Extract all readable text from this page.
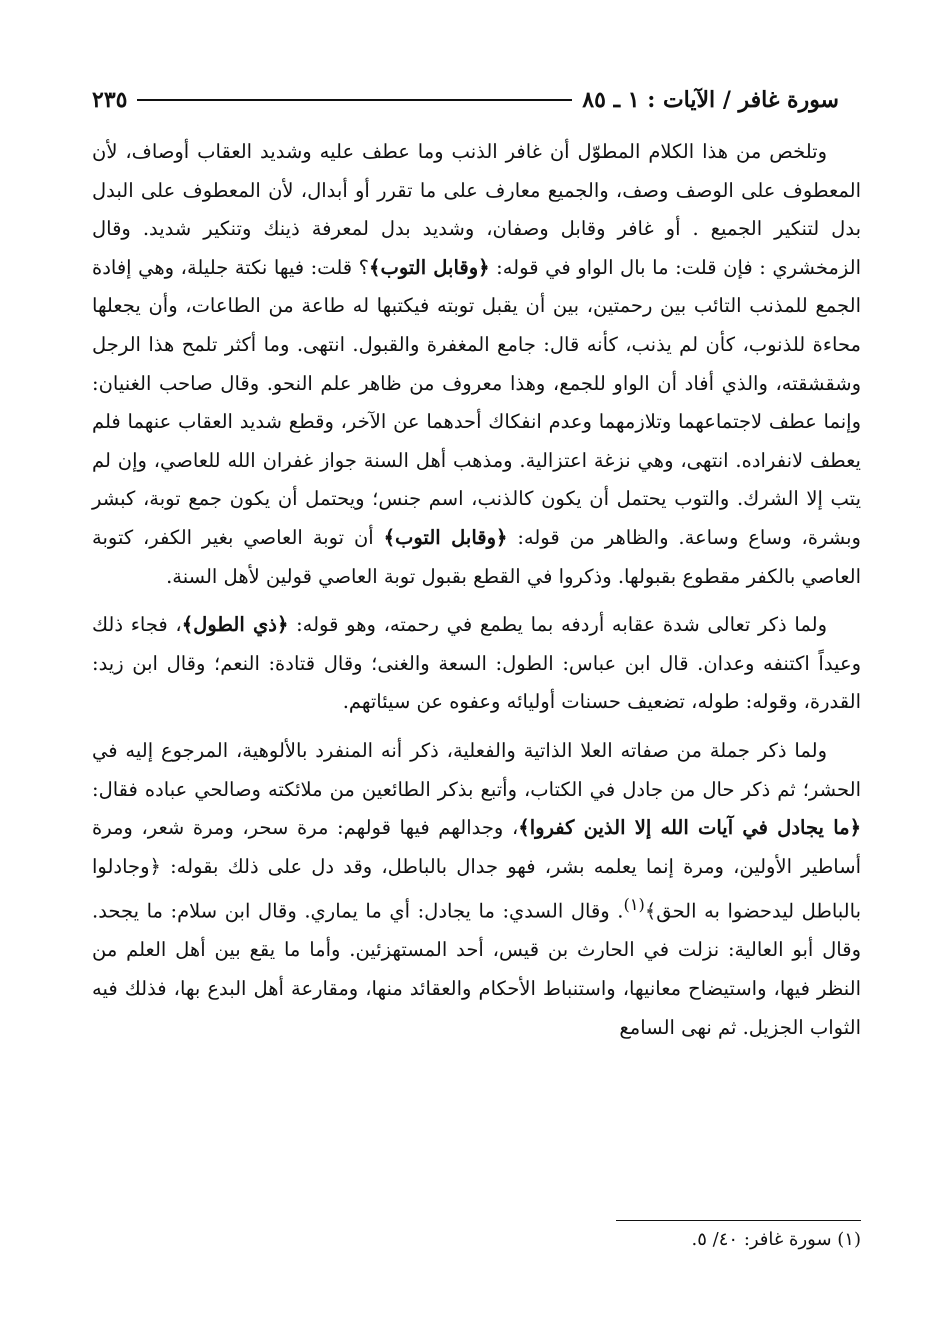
سورة غافر / الآيات : ١ ـ ٨٥
٢٣٥

وتلخص من هذا الكلام المطوّل أن غافر الذنب وما عطف عليه وشديد العقاب أوصاف، لأن المعطوف على الوصف وصف، والجميع معارف على ما تقرر أو أبدال، لأن المعطوف على البدل بدل لتنكير الجميع . أو غافر وقابل وصفان، وشديد بدل لمعرفة ذينك وتنكير شديد. وقال الزمخشري : فإن قلت: ما بال الواو في قوله: ﴿وقابل التوب﴾؟ قلت: فيها نكتة جليلة، وهي إفادة الجمع للمذنب التائب بين رحمتين، بين أن يقبل توبته فيكتبها له طاعة من الطاعات، وأن يجعلها محاءة للذنوب، كأن لم يذنب، كأنه قال: جامع المغفرة والقبول. انتهى. وما أكثر تلمح هذا الرجل وشقشقته، والذي أفاد أن الواو للجمع، وهذا معروف من ظاهر علم النحو. وقال صاحب الغنيان: وإنما عطف لاجتماعهما وتلازمهما وعدم انفكاك أحدهما عن الآخر، وقطع شديد العقاب عنهما فلم يعطف لانفراده. انتهى، وهي نزغة اعتزالية. ومذهب أهل السنة جواز غفران الله للعاصي، وإن لم يتب إلا الشرك. والتوب يحتمل أن يكون كالذنب، اسم جنس؛ ويحتمل أن يكون جمع توبة، كبشر وبشرة، وساع وساعة. والظاهر من قوله: ﴿وقابل التوب﴾ أن توبة العاصي بغير الكفر، كتوبة العاصي بالكفر مقطوع بقبولها. وذكروا في القطع بقبول توبة العاصي قولين لأهل السنة.

ولما ذكر تعالى شدة عقابه أردفه بما يطمع في رحمته، وهو قوله: ﴿ذي الطول﴾، فجاء ذلك وعيداً اكتنفه وعدان. قال ابن عباس: الطول: السعة والغنى؛ وقال قتادة: النعم؛ وقال ابن زيد: القدرة، وقوله: طوله، تضعيف حسنات أوليائه وعفوه عن سيئاتهم.

ولما ذكر جملة من صفاته العلا الذاتية والفعلية، ذكر أنه المنفرد بالألوهية، المرجوع إليه في الحشر؛ ثم ذكر حال من جادل في الكتاب، وأتبع بذكر الطائعين من ملائكته وصالحي عباده فقال: ﴿ما يجادل في آيات الله إلا الذين كفروا﴾، وجدالهم فيها قولهم: مرة سحر، ومرة شعر، ومرة أساطير الأولين، ومرة إنما يعلمه بشر، فهو جدال بالباطل، وقد دل على ذلك بقوله: ﴿وجادلوا بالباطل ليدحضوا به الحق﴾$^{(١)}$. وقال السدي: ما يجادل: أي ما يماري. وقال ابن سلام: ما يجحد. وقال أبو العالية: نزلت في الحارث بن قيس، أحد المستهزئين. وأما ما يقع بين أهل العلم من النظر فيها، واستيضاح معانيها، واستنباط الأحكام والعقائد منها، ومقارعة أهل البدع بها، فذلك فيه الثواب الجزيل. ثم نهى السامع

(١) سورة غافر: ٤٠/ ٥.
